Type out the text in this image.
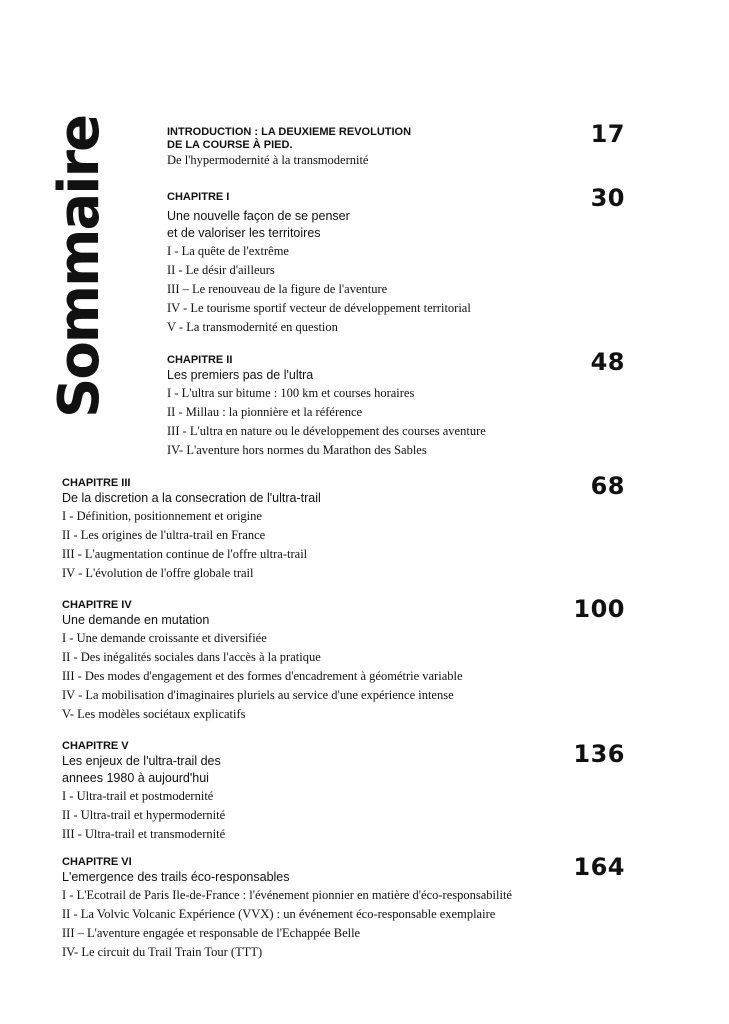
Sommaire	INTRODUCTION : LA DEUXIEME REVOLUTION
DE LA COURSE À PIED.
De l'hypermodernité à la transmodernité
17
CHAPITRE I
Une nouvelle façon de se penser
et de valoriser les territoires
I - La quête de l'extrême
II - Le désir d'ailleurs
III – Le renouveau de la figure de l'aventure
IV - Le tourisme sportif vecteur de développement territorial
V - La transmodernité en question
30
CHAPITRE II
Les premiers pas de l'ultra
I - L'ultra sur bitume : 100 km et courses horaires
II - Millau : la pionnière et la référence
III - L'ultra en nature ou le développement des courses aventure
IV- L'aventure hors normes du Marathon des Sables
48
CHAPITRE III
De la discretion a la consecration de l'ultra-trail
I - Définition, positionnement et origine
II - Les origines de l'ultra-trail en France
III - L'augmentation continue de l'offre ultra-trail
IV - L'évolution de l'offre globale trail
68
CHAPITRE IV
Une demande en mutation
I - Une demande croissante et diversifiée
II - Des inégalités sociales dans l'accès à la pratique
III - Des modes d'engagement et des formes d'encadrement à géométrie variable
IV - La mobilisation d'imaginaires pluriels au service d'une expérience intense
V- Les modèles sociétaux explicatifs
100
CHAPITRE V
Les enjeux de l'ultra-trail des
annees 1980 à aujourd'hui
I - Ultra-trail et postmodernité
II - Ultra-trail et hypermodernité
III - Ultra-trail et transmodernité
136
CHAPITRE VI
L'emergence des trails éco-responsables
I - L'Ecotrail de Paris Ile-de-France : l'événement pionnier en matière d'éco-responsabilité
II - La Volvic Volcanic Expérience (VVX) : un événement éco-responsable exemplaire
III – L'aventure engagée et responsable de l'Echappée Belle
IV- Le circuit du Trail Train Tour (TTT)
164
